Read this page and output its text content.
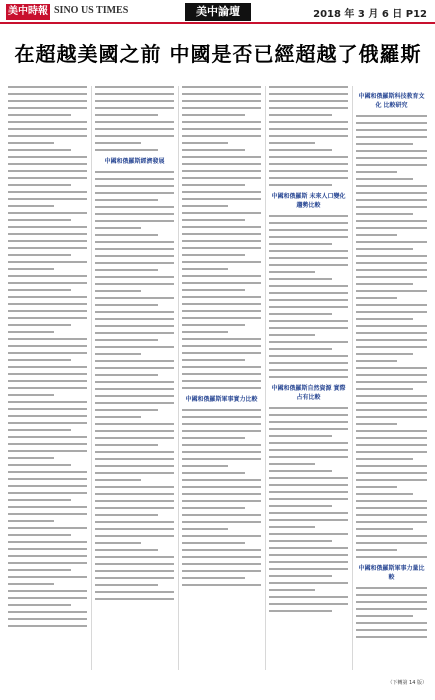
美中時報 SINO US TIMES	美中論壇	2018 年 3 月 6 日 P12
在超越美國之前 中國是否已經超越了俄羅斯
中國和俄羅斯經濟發展
中國和俄羅斯軍事實力比較
中國和俄羅斯 未來人口變化趨勢比較
中國和俄羅斯自然資源 實際占有比較
中國和俄羅斯科技教育文化 比較研究
中國和俄羅斯軍事力量比較
（下轉第 14 版）
